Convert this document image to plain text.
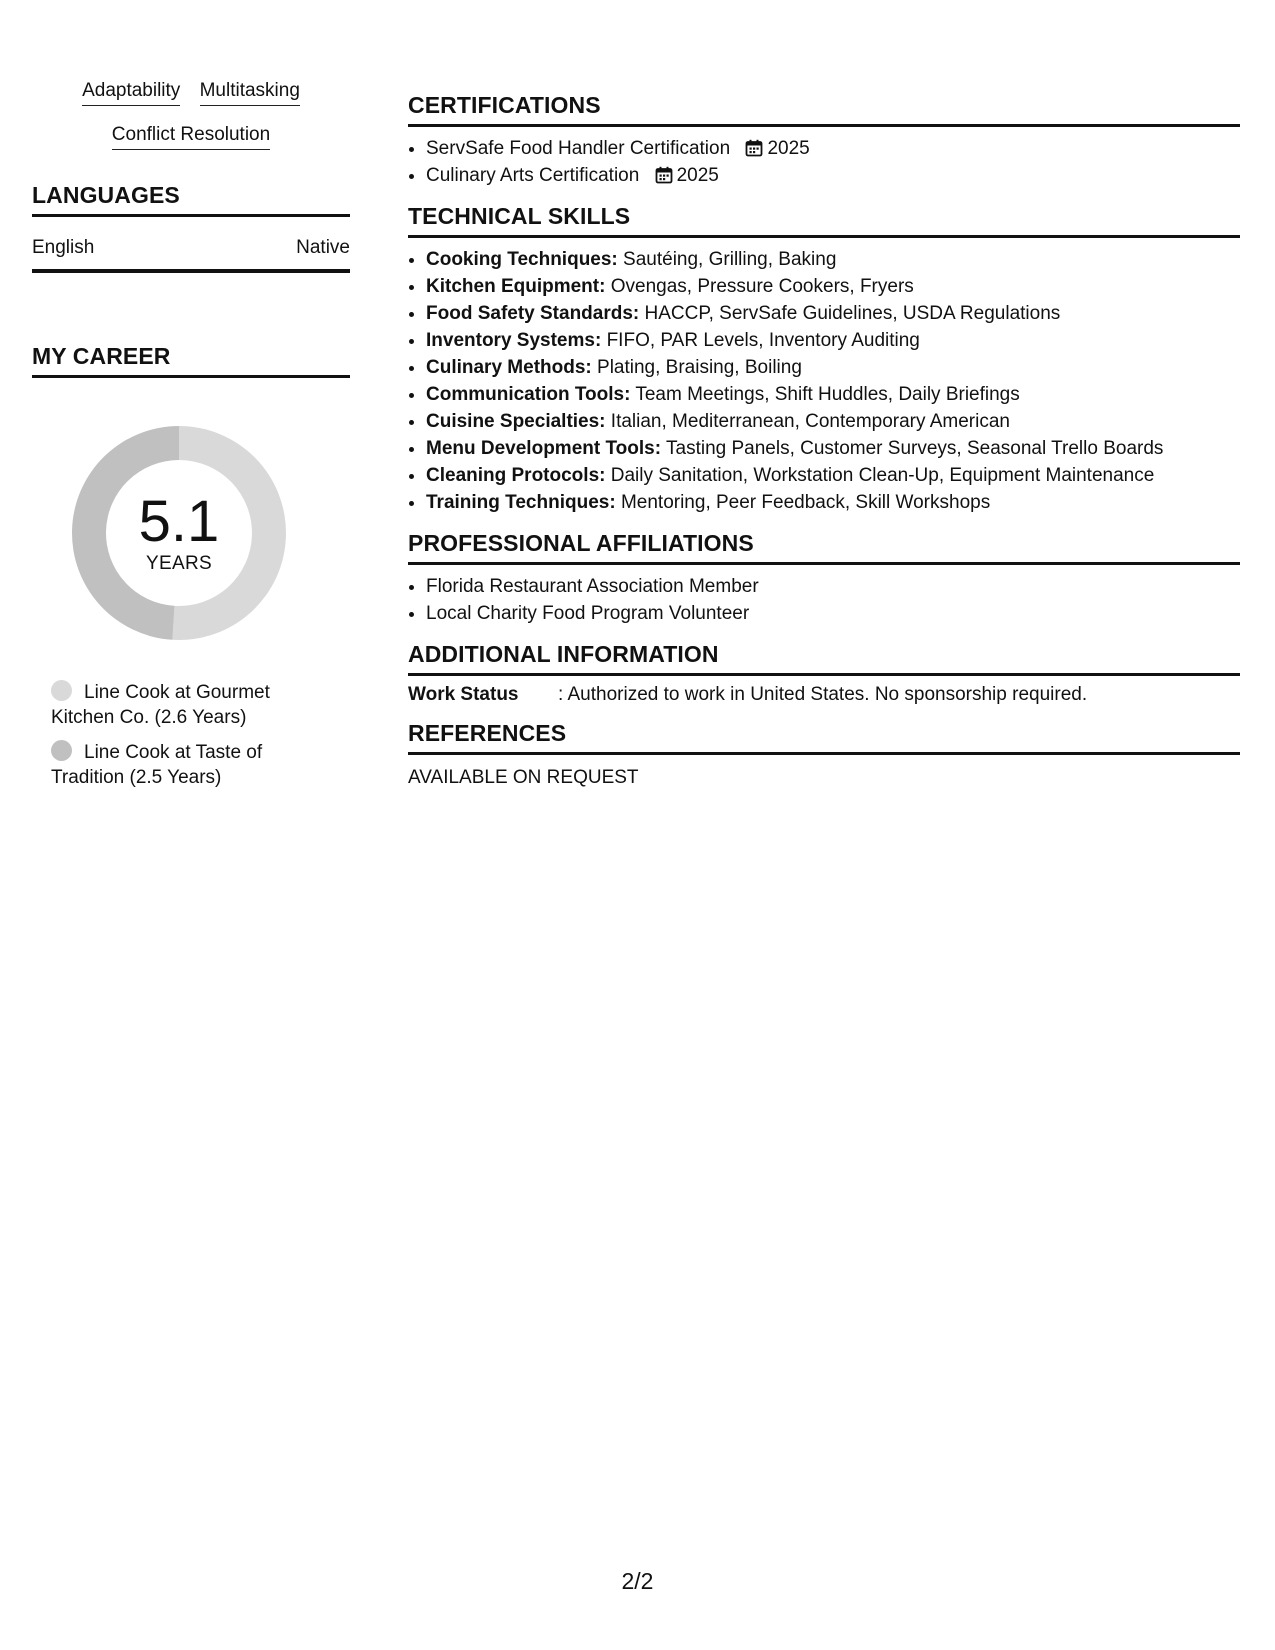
Adaptability Multitasking
Conflict Resolution
LANGUAGES
English	Native
MY CAREER
5.1
YEARS
Line Cook at Gourmet Kitchen Co. (2.6 Years)
Line Cook at Taste of Tradition (2.5 Years)
CERTIFICATIONS
• ServSafe Food Handler Certification 2025
• Culinary Arts Certification 2025
TECHNICAL SKILLS
• Cooking Techniques: Sautéing, Grilling, Baking
• Kitchen Equipment: Ovengas, Pressure Cookers, Fryers
• Food Safety Standards: HACCP, ServSafe Guidelines, USDA Regulations
• Inventory Systems: FIFO, PAR Levels, Inventory Auditing
• Culinary Methods: Plating, Braising, Boiling
• Communication Tools: Team Meetings, Shift Huddles, Daily Briefings
• Cuisine Specialties: Italian, Mediterranean, Contemporary American
• Menu Development Tools: Tasting Panels, Customer Surveys, Seasonal Trello Boards
• Cleaning Protocols: Daily Sanitation, Workstation Clean-Up, Equipment Maintenance
• Training Techniques: Mentoring, Peer Feedback, Skill Workshops
PROFESSIONAL AFFILIATIONS
• Florida Restaurant Association Member
• Local Charity Food Program Volunteer
ADDITIONAL INFORMATION
Work Status	: Authorized to work in United States. No sponsorship required.
REFERENCES
AVAILABLE ON REQUEST
2/2
